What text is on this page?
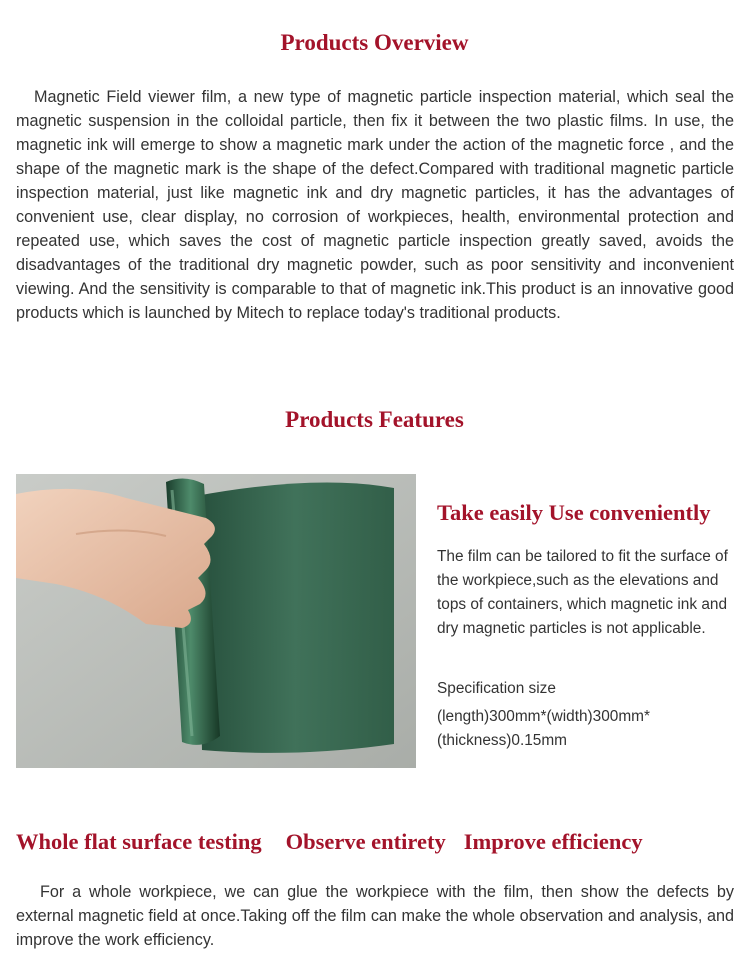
Products Overview

Magnetic Field viewer film, a new type of magnetic particle inspection material, which seal the magnetic suspension in the colloidal particle, then fix it between the two plastic films. In use, the magnetic ink will emerge to show a magnetic mark under the action of the magnetic force , and the shape of the magnetic mark is the shape of the defect.Compared with traditional magnetic particle inspection material, just like magnetic ink and dry magnetic particles, it has the advantages of convenient use, clear display, no corrosion of workpieces, health, environmental protection and repeated use, which saves the cost of magnetic particle inspection greatly saved, avoids the disadvantages of the traditional dry magnetic powder, such as poor sensitivity and inconvenient viewing. And the sensitivity is comparable to that of magnetic ink.This product is an innovative good products which is launched by Mitech to replace today's traditional products.

Products Features
Take easily Use conveniently

The film can be tailored to fit the surface of the workpiece,such as the elevations and tops of containers, which magnetic ink and dry magnetic particles is not applicable.

Specification size

(length)300mm*(width)300mm*(thickness)0.15mm

Whole flat surface testing Observe entirety Improve efficiency

For a whole workpiece, we can glue the workpiece with the film, then show the defects by external magnetic field at once.Taking off the film can make the whole observation and analysis, and improve the work efficiency.
